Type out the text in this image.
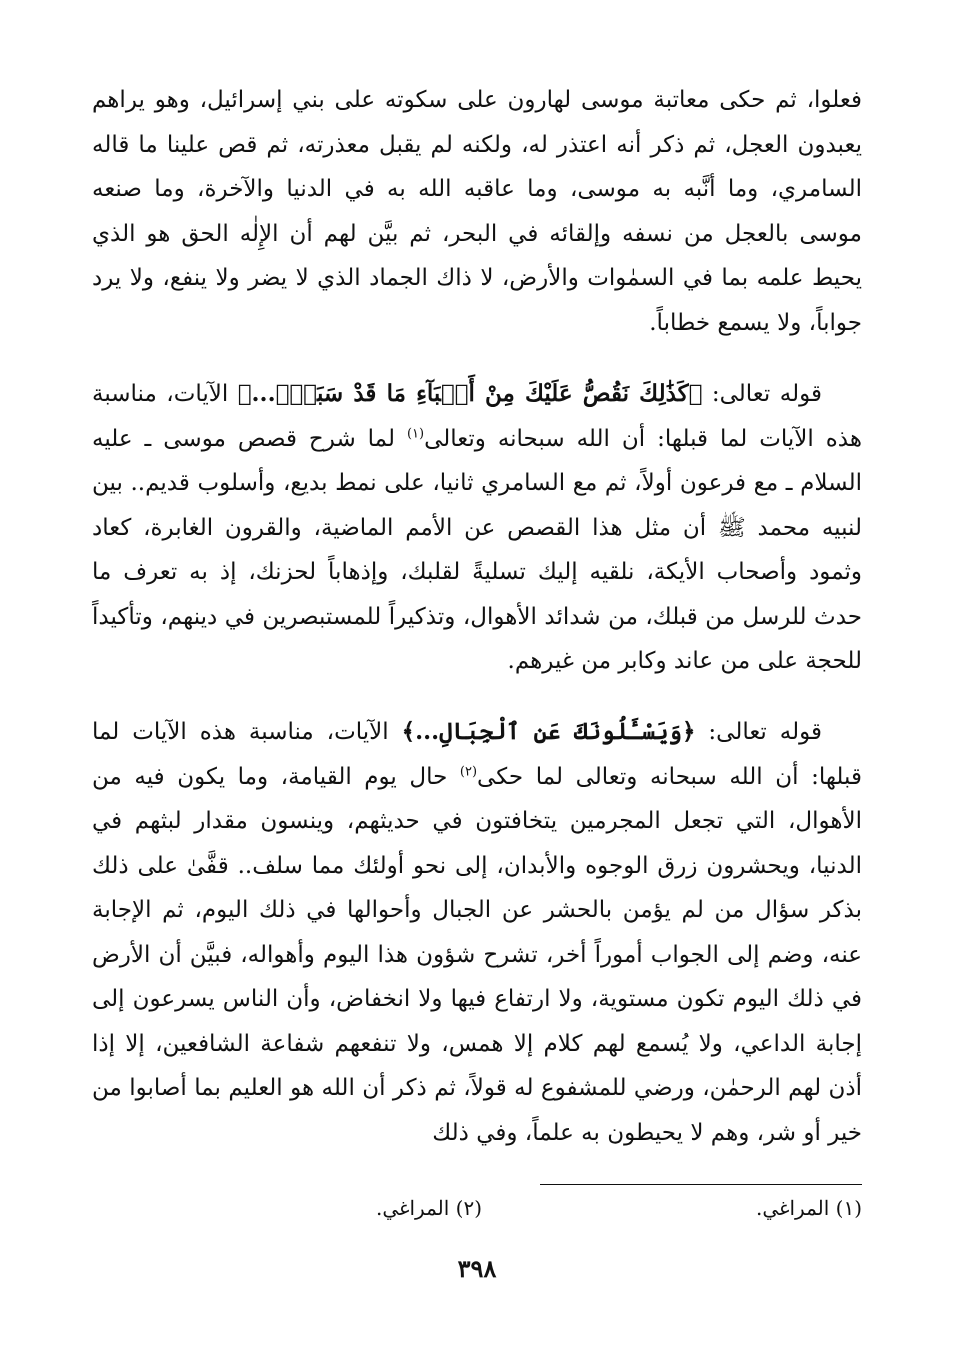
فعلوا، ثم حكى معاتبة موسى لهارون على سكوته على بني إسرائيل، وهو يراهم يعبدون العجل، ثم ذكر أنه اعتذر له، ولكنه لم يقبل معذرته، ثم قص علينا ما قاله السامري، وما أنَّبه به موسى، وما عاقبه الله به في الدنيا والآخرة، وما صنعه موسى بالعجل من نسفه وإلقائه في البحر، ثم بيَّن لهم أن الإِلٰه الحق هو الذي يحيط علمه بما في السمٰوات والأرض، لا ذاك الجماد الذي لا يضر ولا ينفع، ولا يرد جواباً، ولا يسمع خطاباً.
قوله تعالى: ﴿كَذَٰلِكَ نَقُصُّ عَلَيْكَ مِنْ أَنۢبَآءِ مَا قَدْ سَبَقَۚ...﴾ الآيات، مناسبة هذه الآيات لما قبلها: أن الله سبحانه وتعالى$^{(١)}$ لما شرح قصص موسى ـ عليه السلام ـ مع فرعون أولاً، ثم مع السامري ثانيا، على نمط بديع، وأسلوب قديم.. بين لنبيه محمد ﷺ أن مثل هذا القصص عن الأمم الماضية، والقرون الغابرة، كعاد وثمود وأصحاب الأيكة، نلقيه إليك تسليةً لقلبك، وإذهاباً لحزنك، إذ به تعرف ما حدث للرسل من قبلك، من شدائد الأهوال، وتذكيراً للمستبصرين في دينهم، وتأكيداً للحجة على من عاند وكابر من غيرهم.
قوله تعالى: ﴿وَيَسْـَٔلُونَكَ عَنِ ٱلْجِبَالِ...﴾ الآيات، مناسبة هذه الآيات لما قبلها: أن الله سبحانه وتعالى لما حكى$^{(٢)}$ حال يوم القيامة، وما يكون فيه من الأهوال، التي تجعل المجرمين يتخافتون في حديثهم، وينسون مقدار لبثهم في الدنيا، ويحشرون زرق الوجوه والأبدان، إلى نحو أولئك مما سلف.. قفَّىٰ على ذلك بذكر سؤال من لم يؤمن بالحشر عن الجبال وأحوالها في ذلك اليوم، ثم الإجابة عنه، وضم إلى الجواب أموراً أخر، تشرح شؤون هذا اليوم وأهواله، فبيَّن أن الأرض في ذلك اليوم تكون مستوية، ولا ارتفاع فيها ولا انخفاض، وأن الناس يسرعون إلى إجابة الداعي، ولا يُسمع لهم كلام إلا همس، ولا تنفعهم شفاعة الشافعين، إلا إذا أذن لهم الرحمٰن، ورضي للمشفوع له قولاً، ثم ذكر أن الله هو العليم بما أصابوا من خير أو شر، وهم لا يحيطون به علماً، وفي ذلك
(١) المراغي.
(٢) المراغي.
٣٩٨
